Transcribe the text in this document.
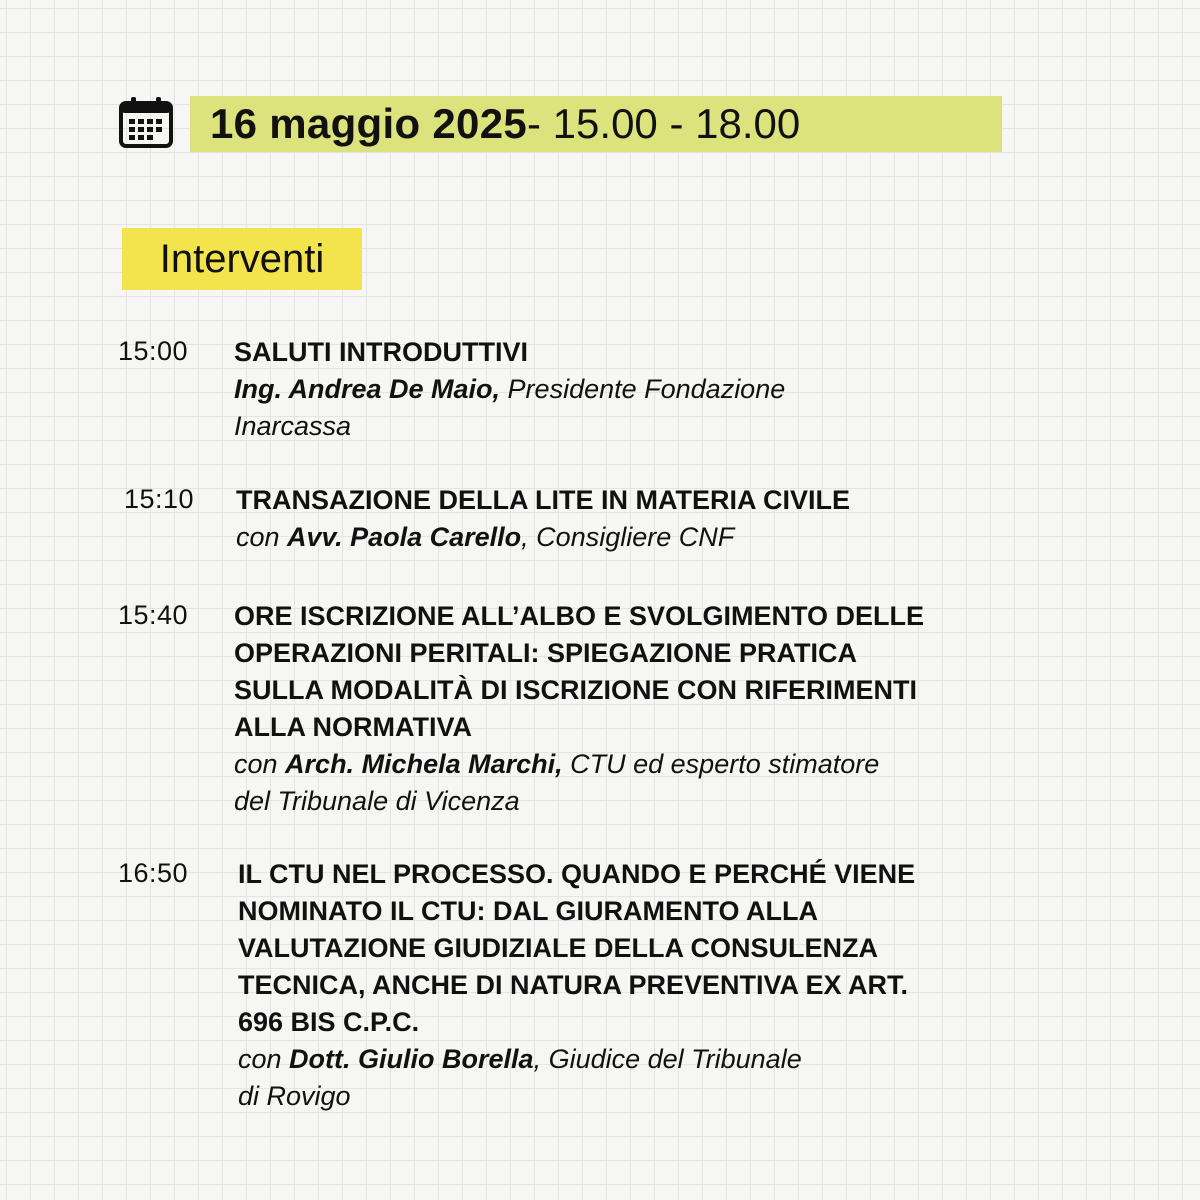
16 maggio 2025 - 15.00 - 18.00
Interventi
15:00 SALUTI INTRODUTTIVI
Ing. Andrea De Maio, Presidente Fondazione
Inarcassa
15:10 TRANSAZIONE DELLA LITE IN MATERIA CIVILE
con Avv. Paola Carello, Consigliere CNF
15:40 ORE ISCRIZIONE ALL’ALBO E SVOLGIMENTO DELLE
OPERAZIONI PERITALI: SPIEGAZIONE PRATICA
SULLA MODALITÀ DI ISCRIZIONE CON RIFERIMENTI
ALLA NORMATIVA
con Arch. Michela Marchi, CTU ed esperto stimatore
del Tribunale di Vicenza
16:50 IL CTU NEL PROCESSO. QUANDO E PERCHÉ VIENE
NOMINATO IL CTU: DAL GIURAMENTO ALLA
VALUTAZIONE GIUDIZIALE DELLA CONSULENZA
TECNICA, ANCHE DI NATURA PREVENTIVA EX ART.
696 BIS C.P.C.
con Dott. Giulio Borella, Giudice del Tribunale
di Rovigo
